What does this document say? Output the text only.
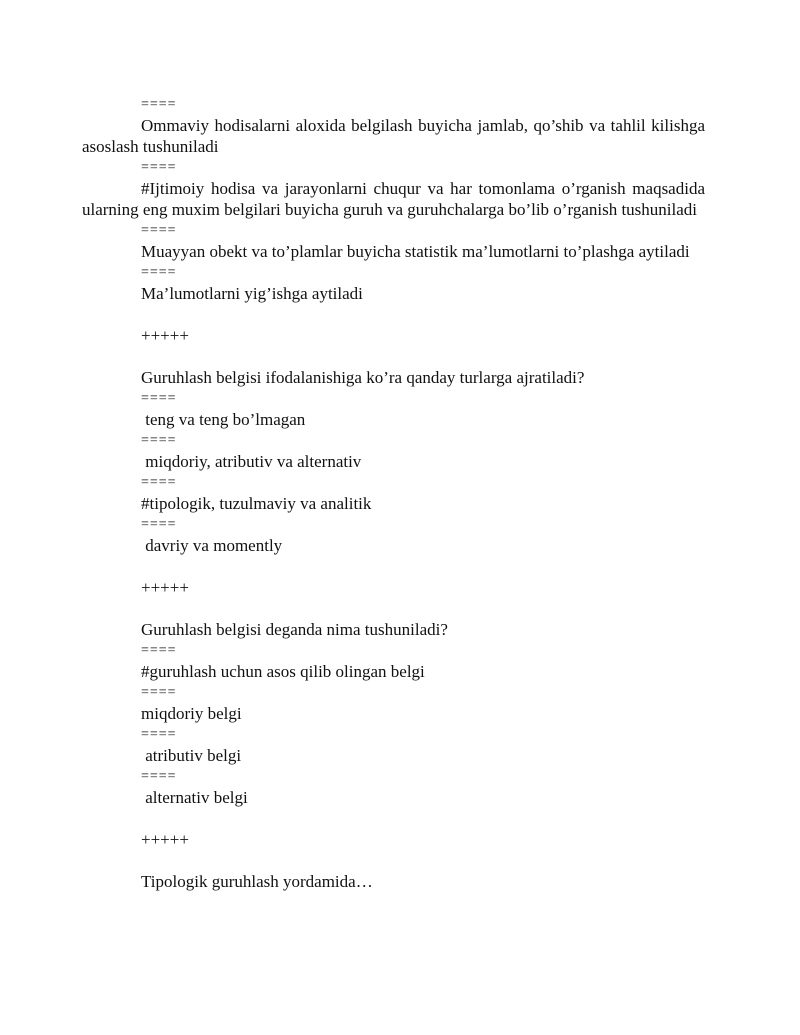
====
Ommaviy hodisalarni aloxida belgilash buyicha jamlab, qo’shib va tahlil kilishga asoslash tushuniladi
====
#Ijtimoiy hodisa va jarayonlarni chuqur va har tomonlama o’rganish maqsadida ularning eng muxim belgilari buyicha guruh va guruhchalarga bo’lib o’rganish tushuniladi
====
Muayyan obekt va to’plamlar buyicha statistik ma’lumotlarni to’plashga aytiladi
====
Ma’lumotlarni yig’ishga aytiladi
+++++
Guruhlash belgisi ifodalanishiga ko’ra qanday turlarga ajratiladi?
====
teng va teng bo’lmagan
====
miqdoriy, atributiv va alternativ
====
#tipologik, tuzulmaviy va analitik
====
davriy va momently
+++++
Guruhlash belgisi deganda nima tushuniladi?
====
#guruhlash uchun asos qilib olingan belgi
====
miqdoriy belgi
====
atributiv belgi
====
alternativ belgi
+++++
Tipologik guruhlash yordamida…
